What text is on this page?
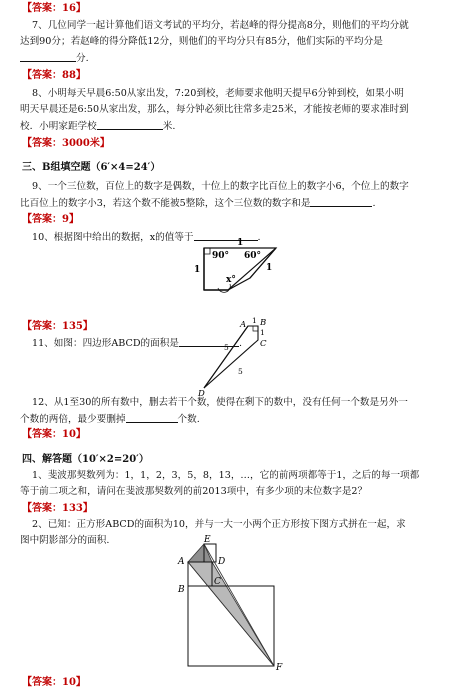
【答案：16】
7、几位同学一起计算他们语文考试的平均分，若赵峰的得分提高8分，则他们的平均分就
达到90分；若赵峰的得分降低12分，则他们的平均分只有85分，他们实际的平均分是
分.
【答案：88】
8、小明每天早晨6:50从家出发，7:20到校，老师要求他明天提早6分钟到校，如果小明
明天早晨还是6:50从家出发，那么，每分钟必须比往常多走25米，才能按老师的要求准时到
校．小明家距学校	米.
【答案：3000米】
三、B组填空题（6′×4=24′）
9、一个三位数，百位上的数字是偶数，十位上的数字比百位上的数字小6，个位上的数字
比百位上的数字小3，若这个数不能被5整除，这个三位数的数字和是	.
【答案：9】
10、根据图中给出的数据，x的值等于	.
1
90° 60°
1	1
x°
【答案：135】
11、如图：四边形ABCD的面积是	.
A B
C
D
1
1
5
5
12、从1至30的所有数中，删去若干个数，使得在剩下的数中，没有任何一个数是另外一
个数的两倍，最少要删掉	个数.
【答案：10】
四、解答题（10′×2=20′）
1、斐波那契数列为：1，1，2，3，5，8，13，…，它的前两项都等于1，之后的每一项都
等于前二项之和，请问在斐波那契数列的前2013项中，有多少项的末位数字是2？
【答案：133】
2、已知：正方形ABCD的面积为10，并与一大一小两个正方形按下图方式拼在一起，求
图中阴影部分的面积.
A
B
C
D
E
F
【答案：10】
